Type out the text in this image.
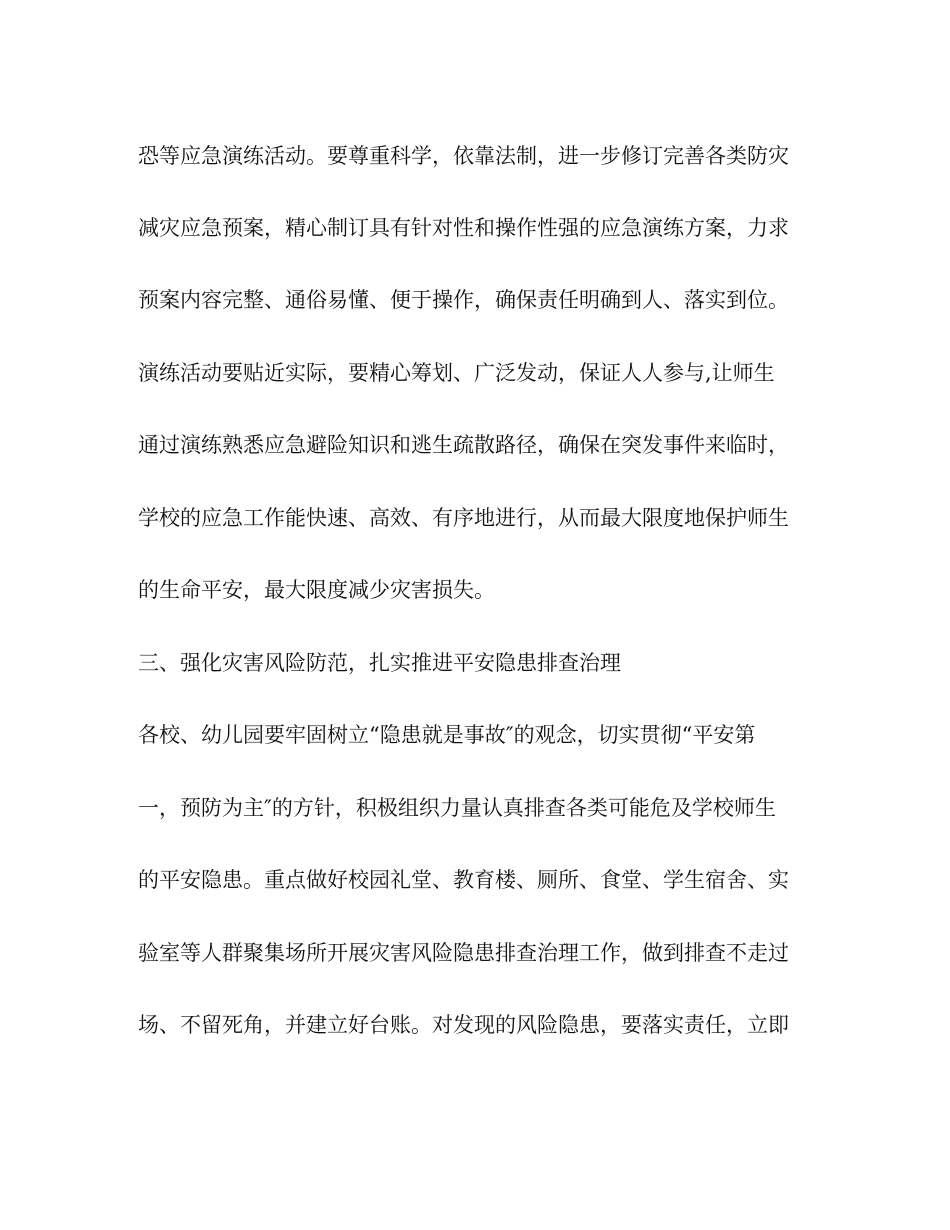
恐等应急演练活动。要尊重科学，依靠法制，进一步修订完善各类防灾
减灾应急预案，精心制订具有针对性和操作性强的应急演练方案，力求
预案内容完整、通俗易懂、便于操作，确保责任明确到人、落实到位。
演练活动要贴近实际，要精心筹划、广泛发动，保证人人参与,让师生
通过演练熟悉应急避险知识和逃生疏散路径，确保在突发事件来临时，
学校的应急工作能快速、高效、有序地进行，从而最大限度地保护师生
的生命平安，最大限度减少灾害损失。
三、强化灾害风险防范，扎实推进平安隐患排查治理
各校、幼儿园要牢固树立“隐患就是事故″的观念，切实贯彻“平安第
一，预防为主″的方针，积极组织力量认真排查各类可能危及学校师生
的平安隐患。重点做好校园礼堂、教育楼、厕所、食堂、学生宿舍、实
验室等人群聚集场所开展灾害风险隐患排查治理工作，做到排查不走过
场、不留死角，并建立好台账。对发现的风险隐患，要落实责任，立即
